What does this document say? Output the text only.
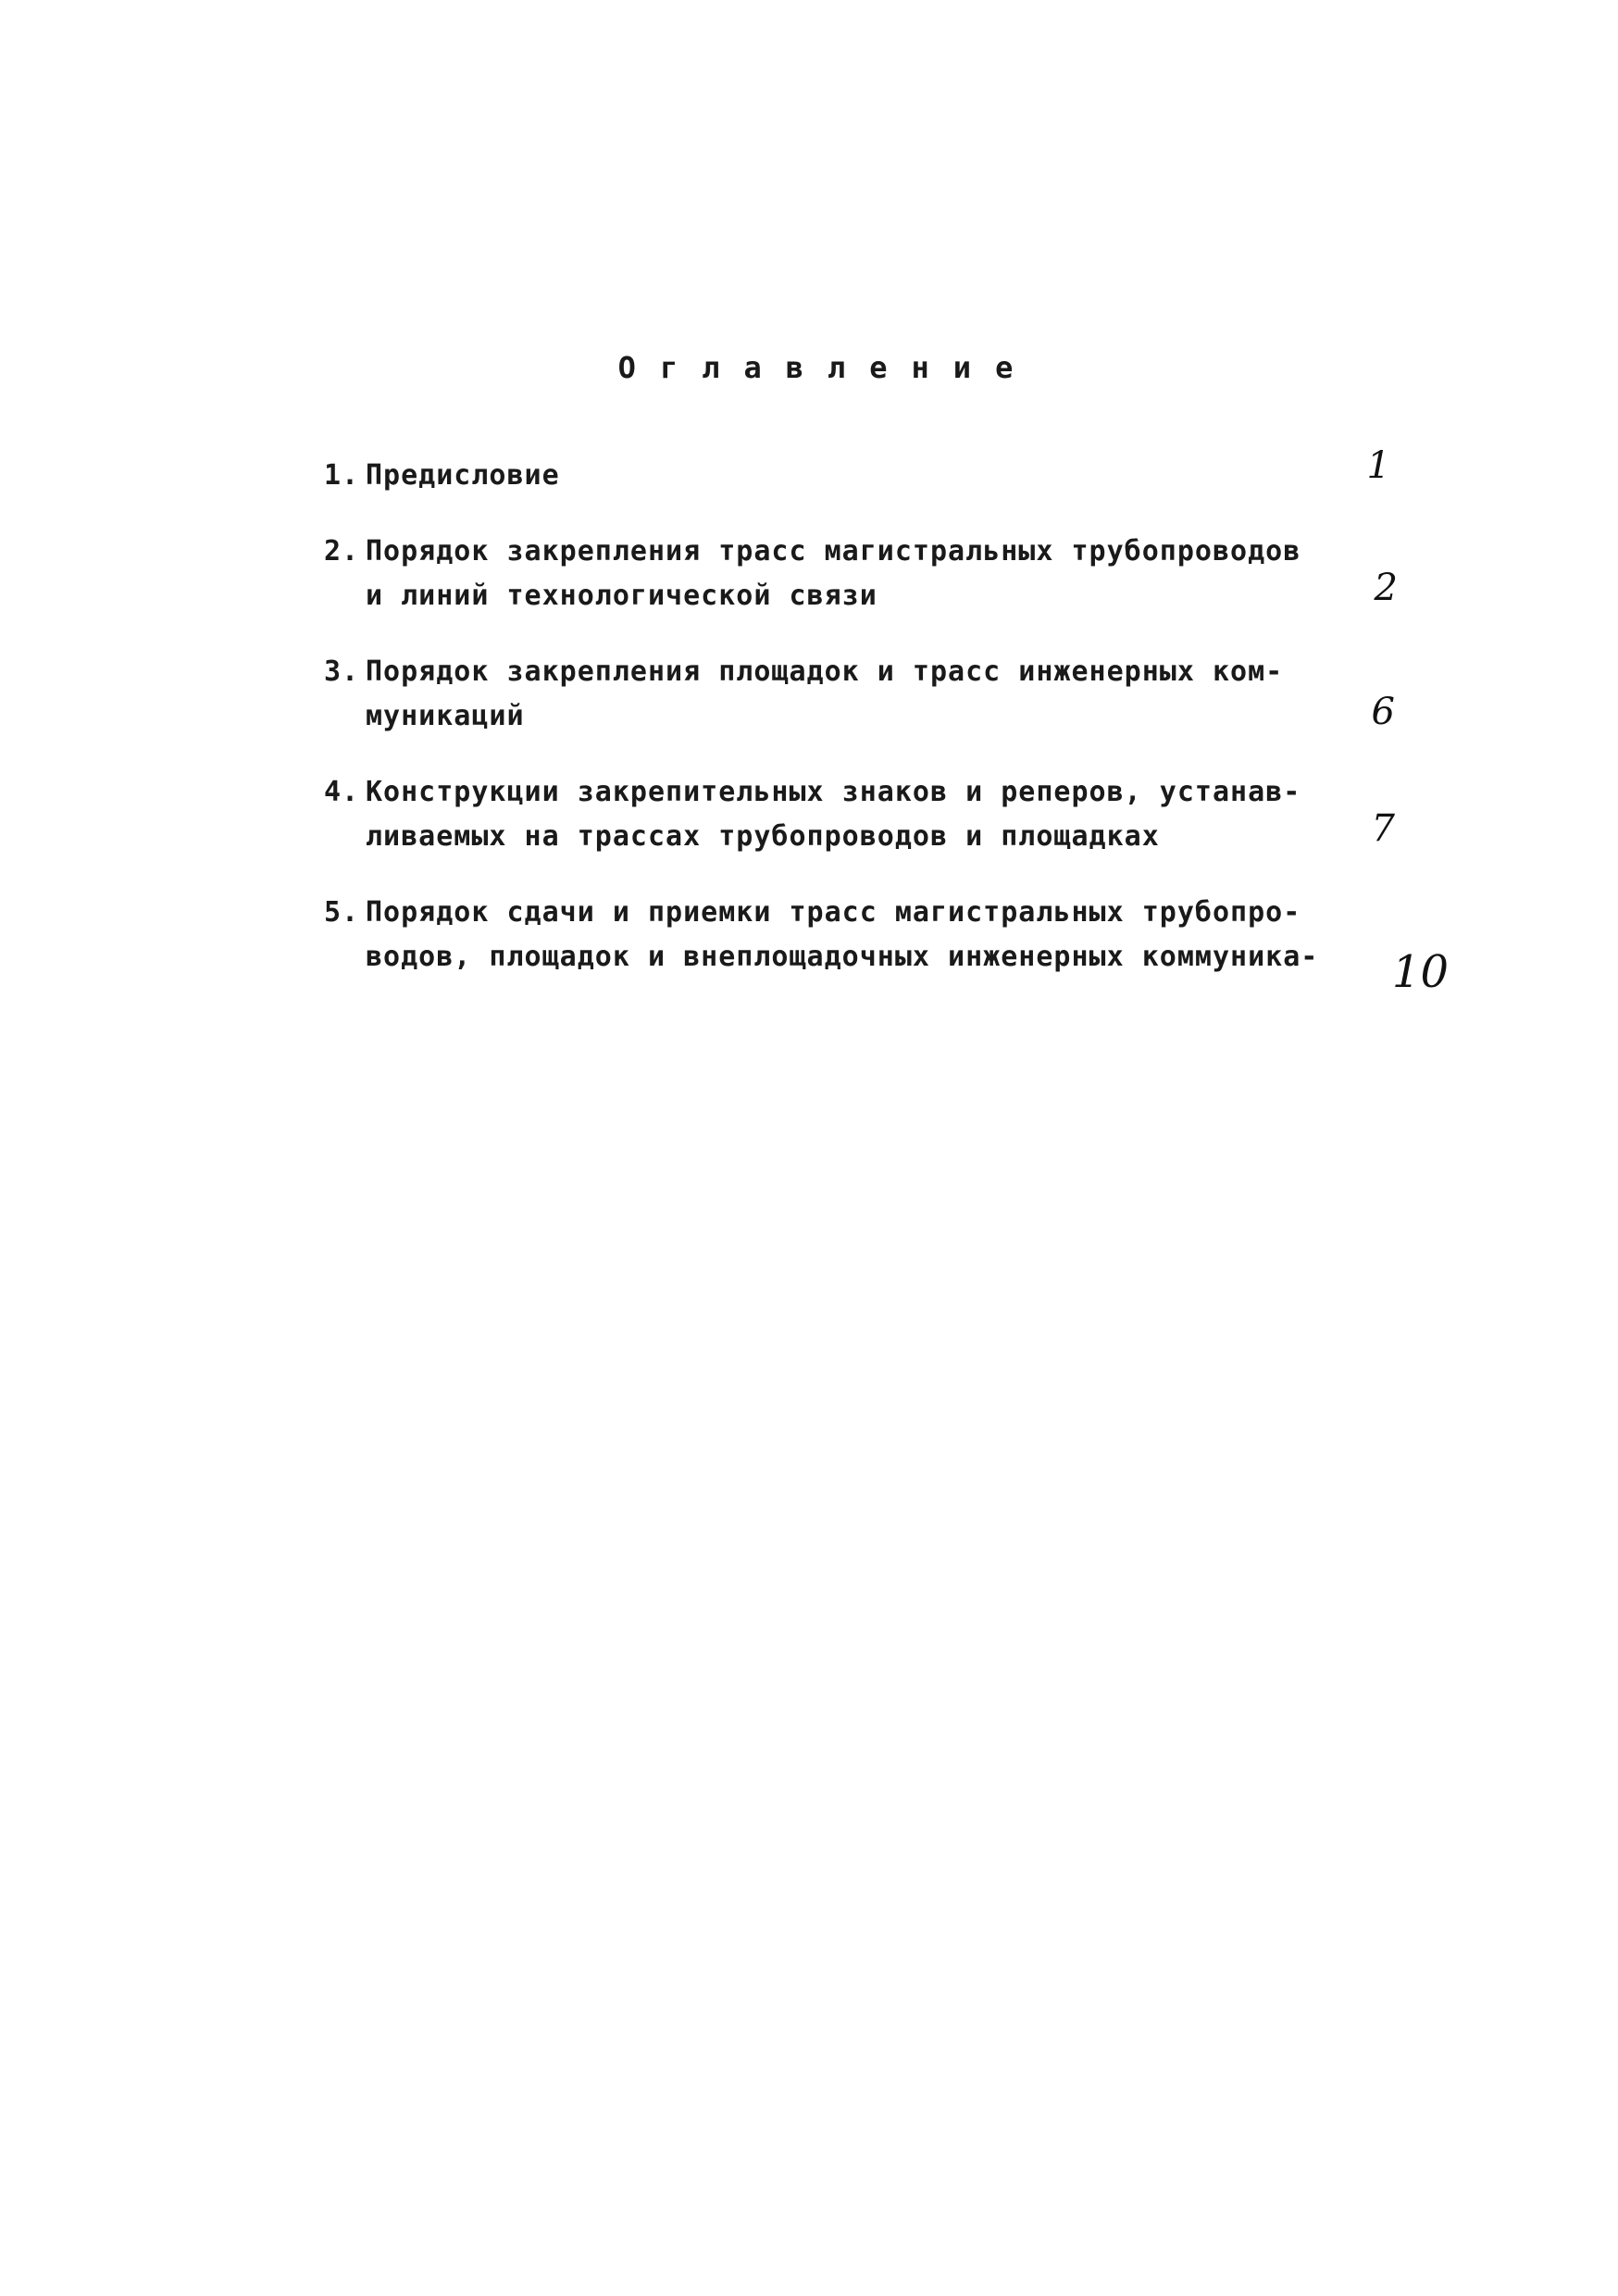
Оглавление
1. Предисловие	1
2. Порядок закрепления трасс магистральных трубопроводов
и линий технологической связи	2
3. Порядок закрепления площадок и трасс инженерных ком-
муникаций	6
4. Конструкции закрепительных знаков и реперов, устанав-
ливаемых на трассах трубопроводов и площадках	7
5. Порядок сдачи и приемки трасс магистральных трубопро-
водов, площадок и внеплощадочных инженерных коммуника-	10
